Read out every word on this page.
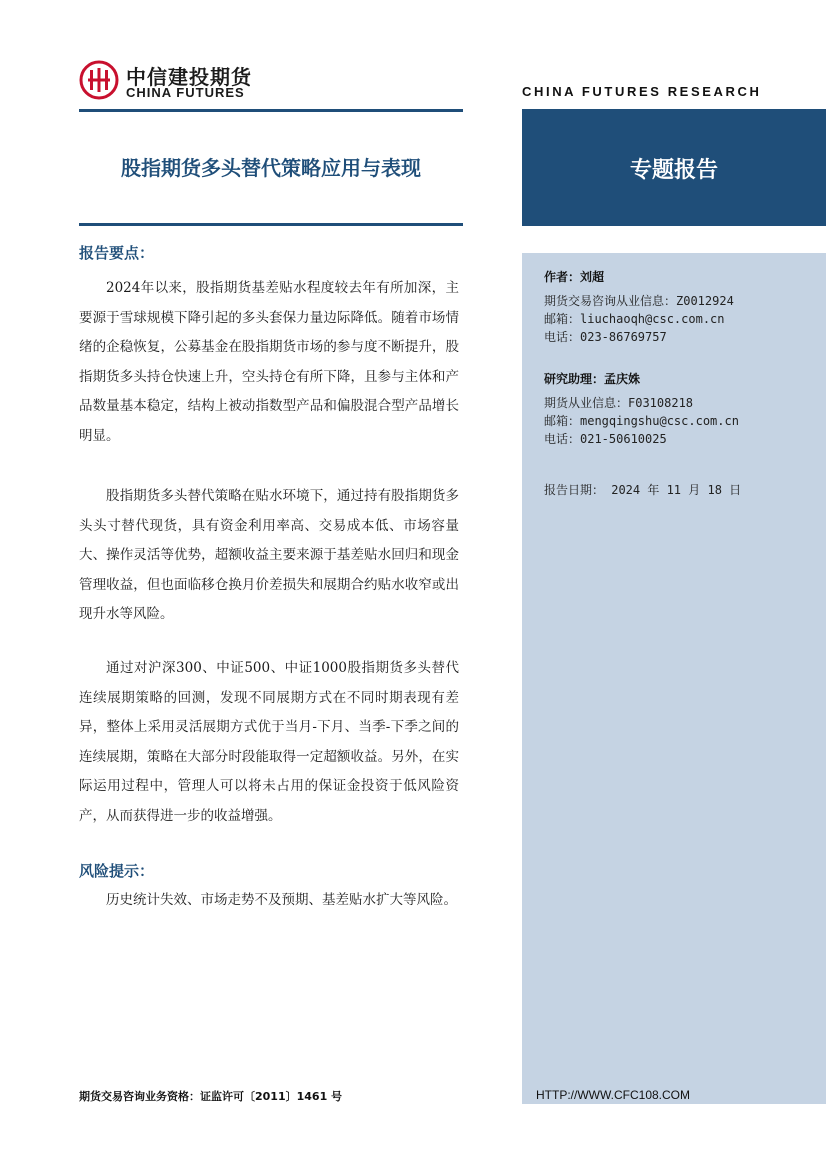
中信建投期货
CHINA FUTURES	CHINA FUTURES RESEARCH
股指期货多头替代策略应用与表现	专题报告
报告要点：

2024年以来，股指期货基差贴水程度较去年有所加深，主要源于雪球规模下降引起的多头套保力量边际降低。随着市场情绪的企稳恢复，公募基金在股指期货市场的参与度不断提升，股指期货多头持仓快速上升，空头持仓有所下降，且参与主体和产品数量基本稳定，结构上被动指数型产品和偏股混合型产品增长明显。

股指期货多头替代策略在贴水环境下，通过持有股指期货多头头寸替代现货，具有资金利用率高、交易成本低、市场容量大、操作灵活等优势，超额收益主要来源于基差贴水回归和现金管理收益，但也面临移仓换月价差损失和展期合约贴水收窄或出现升水等风险。

通过对沪深300、中证500、中证1000股指期货多头替代连续展期策略的回测，发现不同展期方式在不同时期表现有差异，整体上采用灵活展期方式优于当月-下月、当季-下季之间的连续展期，策略在大部分时段能取得一定超额收益。另外，在实际运用过程中，管理人可以将未占用的保证金投资于低风险资产，从而获得进一步的收益增强。

风险提示：

历史统计失效、市场走势不及预期、基差贴水扩大等风险。

作者：刘超
期货交易咨询从业信息：Z0012924
邮箱：liuchaoqh@csc.com.cn
电话：023-86769757
研究助理：孟庆姝
期货从业信息：F03108218
邮箱：mengqingshu@csc.com.cn
电话：021-50610025
报告日期： 2024 年 11 月 18 日
期货交易咨询业务资格：证监许可〔2011〕1461 号	HTTP://WWW.CFC108.COM
